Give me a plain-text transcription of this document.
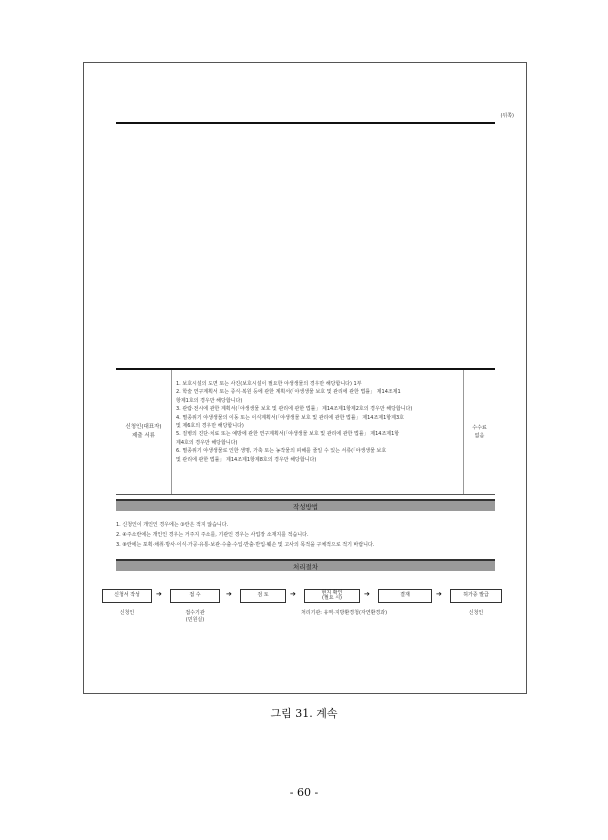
(뒤쪽)
신청인(대표자)
제출 서류
1. 보호시설의 도면 또는 사진(보호시설이 필요한 야생생물의 경우만 해당합니다) 1부
2. 학술 연구계획서 또는 증식·복원 등에 관한 계획서(「야생생물 보호 및 관리에 관한 법률」 제14조제1
항제1호의 경우만 해당합니다)
3. 관람·전시에 관한 계획서(「야생생물 보호 및 관리에 관한 법률」 제14조제1항제2호의 경우만 해당합니다)
4. 멸종위기 야생생물의 이동 또는 이식계획서(「야생생물 보호 및 관리에 관한 법률」 제14조제1항제3호
및 제6호의 경우만 해당합니다)
5. 질병의 진단·치료 또는 예방에 관한 연구계획서(「야생생물 보호 및 관리에 관한 법률」 제14조제1항
제4호의 경우만 해당합니다)
6. 멸종위기 야생생물로 인한 생명, 가축 또는 농작물의 피해를 줄일 수 있는 서류(「야생생물 보호
및 관리에 관한 법률」 제14조제1항제8호의 경우만 해당합니다)
수수료
없음
작성방법
1. 신청인이 개인인 경우에는 ③란은 적지 않습니다.
2. ④주소란에는 개인인 경우는 거주지 주소를, 기관인 경우는 사업장 소재지를 적습니다.
3. ⑧란에는 포획·채취·방사·이식·가공·유통·보관·수출·수입·반출·반입·훼손 및 고사의 목적을 구체적으로 적기 바랍니다.
처리절차
신청서 작성	➔	접 수	➔	검 토	➔	현지 확인
(필요 시)	➔	결재	➔	허가증 발급
신청인	접수기관
(민원실)
처리기관: 유역·지방환경청(자연환경과)	신청인
그림 31. 계속
- 60 -
